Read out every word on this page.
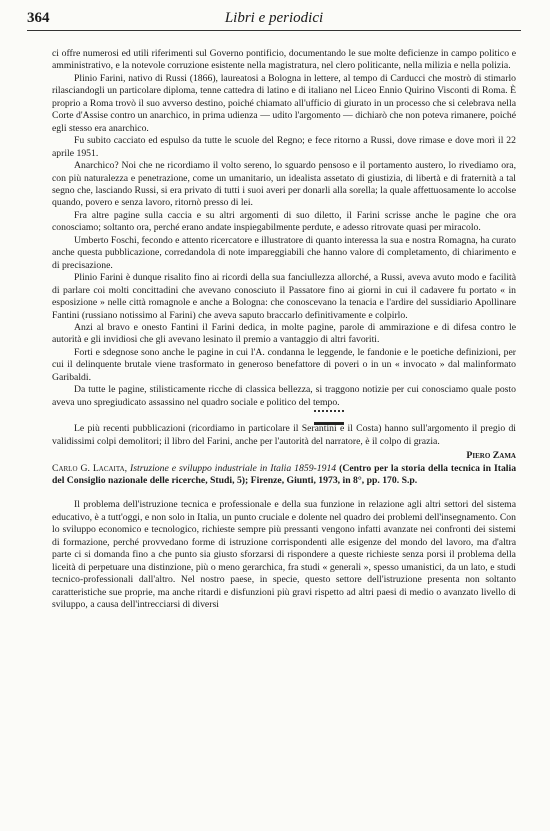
364	Libri e periodici

ci offre numerosi ed utili riferimenti sul Governo pontificio, documentando le sue molte deficienze in campo politico e amministrativo, e la notevole corruzione esistente nella magistratura, nel clero politicante, nella milizia e nella polizia.

Plinio Farini, nativo di Russi (1866), laureatosi a Bologna in lettere, al tempo di Carducci che mostrò di stimarlo rilasciandogli un particolare diploma, tenne cattedra di latino e di italiano nel Liceo Ennio Quirino Visconti di Roma. È proprio a Roma trovò il suo avverso destino, poiché chiamato all'ufficio di giurato in un processo che si celebrava nella Corte d'Assise contro un anarchico, in prima udienza — udito l'argomento — dichiarò che non poteva rimanere, poiché egli stesso era anarchico.

Fu subito cacciato ed espulso da tutte le scuole del Regno; e fece ritorno a Russi, dove rimase e dove morì il 22 aprile 1951.

Anarchico? Noi che ne ricordiamo il volto sereno, lo sguardo pensoso e il portamento austero, lo rivediamo ora, con più naturalezza e penetrazione, come un umanitario, un idealista assetato di giustizia, di libertà e di fraternità a tal segno che, lasciando Russi, si era privato di tutti i suoi averi per donarli alla sorella; la quale affettuosamente lo accolse quando, povero e senza lavoro, ritornò presso di lei.

Fra altre pagine sulla caccia e su altri argomenti di suo diletto, il Farini scrisse anche le pagine che ora conosciamo; soltanto ora, perché erano andate inspiegabilmente perdute, e adesso ritrovate quasi per miracolo.

Umberto Foschi, fecondo e attento ricercatore e illustratore di quanto interessa la sua e nostra Romagna, ha curato anche questa pubblicazione, corredandola di note impareggiabili che hanno valore di completamento, di chiarimento e di precisazione.

Plinio Farini è dunque risalito fino ai ricordi della sua fanciullezza allorché, a Russi, aveva avuto modo e facilità di parlare coi molti concittadini che avevano conosciuto il Passatore fino ai giorni in cui il cadavere fu portato « in esposizione » nelle città romagnole e anche a Bologna: che conoscevano la tenacia e l'ardire del sussidiario Apollinare Fantini (russiano notissimo al Farini) che aveva saputo braccarlo definitivamente e colpirlo.

Anzi al bravo e onesto Fantini il Farini dedica, in molte pagine, parole di ammirazione e di difesa contro le autorità e gli invidiosi che gli avevano lesinato il premio a vantaggio di altri favoriti.

Forti e sdegnose sono anche le pagine in cui l'A. condanna le leggende, le fandonie e le poetiche definizioni, per cui il delinquente brutale viene trasformato in generoso benefattore di poveri o in un « invocato » dal malinformato Garibaldi.

Da tutte le pagine, stilisticamente ricche di classica bellezza, si traggono notizie per cui conosciamo quale posto aveva uno spregiudicato assassino nel quadro sociale e politico del tempo.

Le più recenti pubblicazioni (ricordiamo in particolare il Serantini e il Costa) hanno sull'argomento il pregio di validissimi colpi demolitori; il libro del Farini, anche per l'autorità del narratore, è il colpo di grazia.

Piero Zama

Carlo G. Lacaita, Istruzione e sviluppo industriale in Italia 1859-1914 (Centro per la storia della tecnica in Italia del Consiglio nazionale delle ricerche, Studi, 5); Firenze, Giunti, 1973, in 8°, pp. 170. S.p.

Il problema dell'istruzione tecnica e professionale e della sua funzione in relazione agli altri settori del sistema educativo, è a tutt'oggi, e non solo in Italia, un punto cruciale e dolente nel quadro dei problemi dell'insegnamento. Con lo sviluppo economico e tecnologico, richieste sempre più pressanti vengono infatti avanzate nei confronti dei sistemi di formazione, perché provvedano forme di istruzione corrispondenti alle esigenze del mondo del lavoro, ma d'altra parte ci si domanda fino a che punto sia giusto sforzarsi di rispondere a queste richieste senza porsi il problema della liceità di perpetuare una distinzione, più o meno gerarchica, fra studi « generali », spesso umanistici, da un lato, e studi tecnico-professionali dall'altro. Nel nostro paese, in specie, questo settore dell'istruzione presenta non soltanto caratteristiche sue proprie, ma anche ritardi e disfunzioni più gravi rispetto ad altri paesi di medio o avanzato livello di sviluppo, a causa dell'intrecciarsi di diversi
